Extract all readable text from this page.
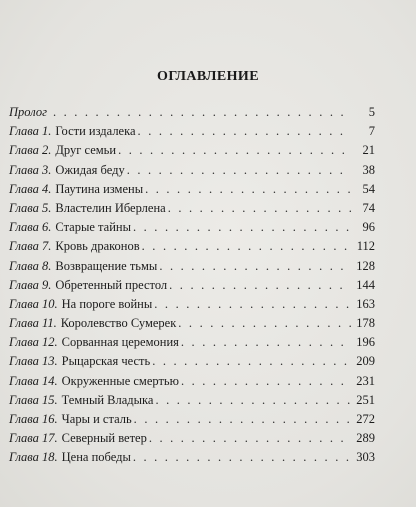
ОГЛАВЛЕНИЕ
Пролог . . .	5
Глава 1. Гости издалека . . .	7
Глава 2. Друг семьи . . .	21
Глава 3. Ожидая беду . . .	38
Глава 4. Паутина измены . . .	54
Глава 5. Властелин Иберлена . . .	74
Глава 6. Старые тайны . . .	96
Глава 7. Кровь драконов . . .	112
Глава 8. Возвращение тьмы . . .	128
Глава 9. Обретенный престол . . .	144
Глава 10. На пороге войны . . .	163
Глава 11. Королевство Сумерек . . .	178
Глава 12. Сорванная церемония . . .	196
Глава 13. Рыцарская честь . . .	209
Глава 14. Окруженные смертью . . .	231
Глава 15. Темный Владыка . . .	251
Глава 16. Чары и сталь . . .	272
Глава 17. Северный ветер . . .	289
Глава 18. Цена победы . . .	303
